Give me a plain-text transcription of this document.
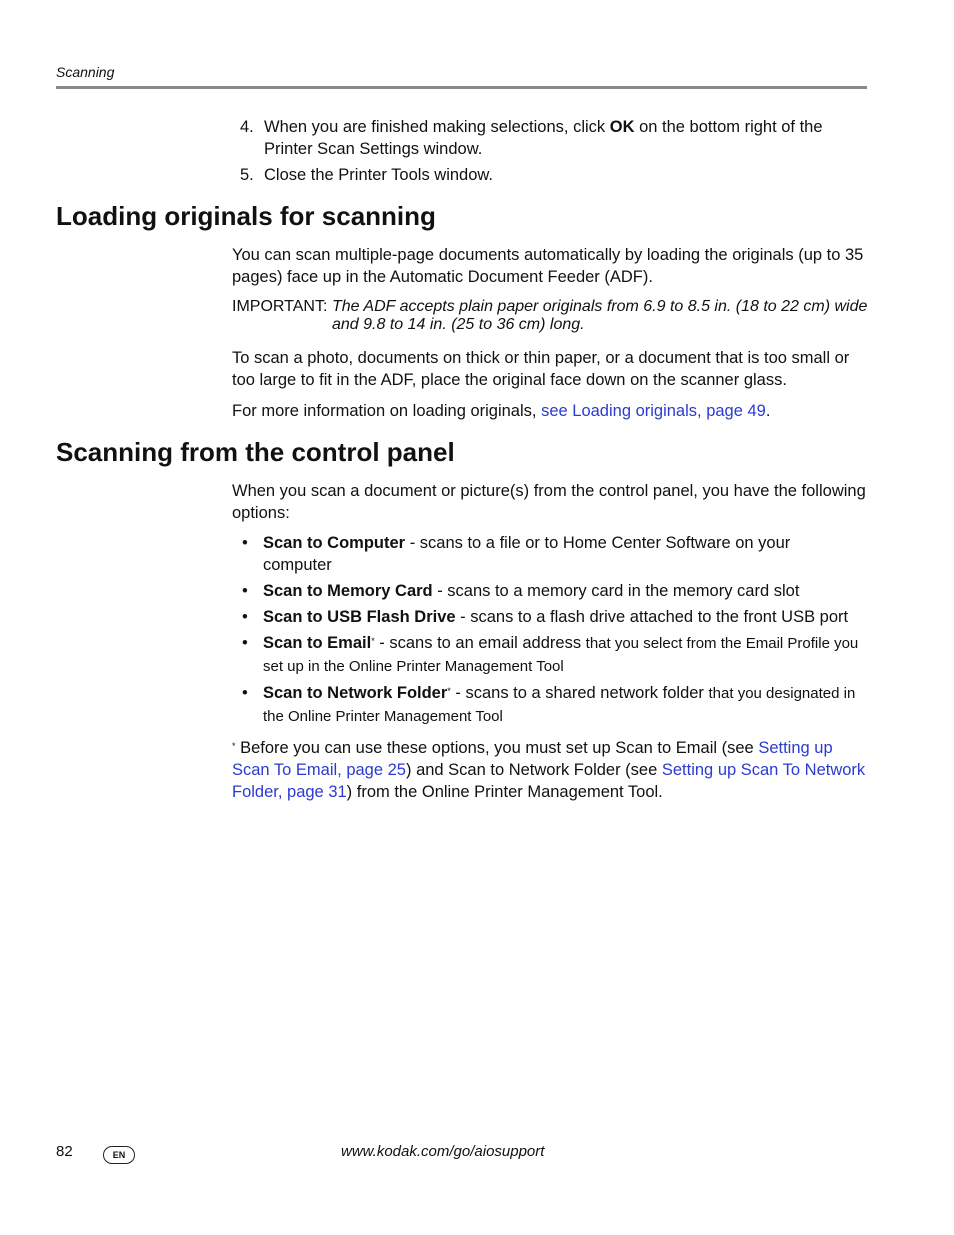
Scanning
4. When you are finished making selections, click OK on the bottom right of the Printer Scan Settings window.
5. Close the Printer Tools window.
Loading originals for scanning

You can scan multiple-page documents automatically by loading the originals (up to 35 pages) face up in the Automatic Document Feeder (ADF).

IMPORTANT: The ADF accepts plain paper originals from 6.9 to 8.5 in. (18 to 22 cm) wide and 9.8 to 14 in. (25 to 36 cm) long.

To scan a photo, documents on thick or thin paper, or a document that is too small or too large to fit in the ADF, place the original face down on the scanner glass.

For more information on loading originals, see Loading originals, page 49.

Scanning from the control panel

When you scan a document or picture(s) from the control panel, you have the following options:

• Scan to Computer - scans to a file or to Home Center Software on your computer
• Scan to Memory Card - scans to a memory card in the memory card slot
• Scan to USB Flash Drive - scans to a flash drive attached to the front USB port
• Scan to Email* - scans to an email address that you select from the Email Profile you set up in the Online Printer Management Tool
• Scan to Network Folder* - scans to a shared network folder that you designated in the Online Printer Management Tool

* Before you can use these options, you must set up Scan to Email (see Setting up Scan To Email, page 25) and Scan to Network Folder (see Setting up Scan To Network Folder, page 31) from the Online Printer Management Tool.

82	EN	www.kodak.com/go/aiosupport
